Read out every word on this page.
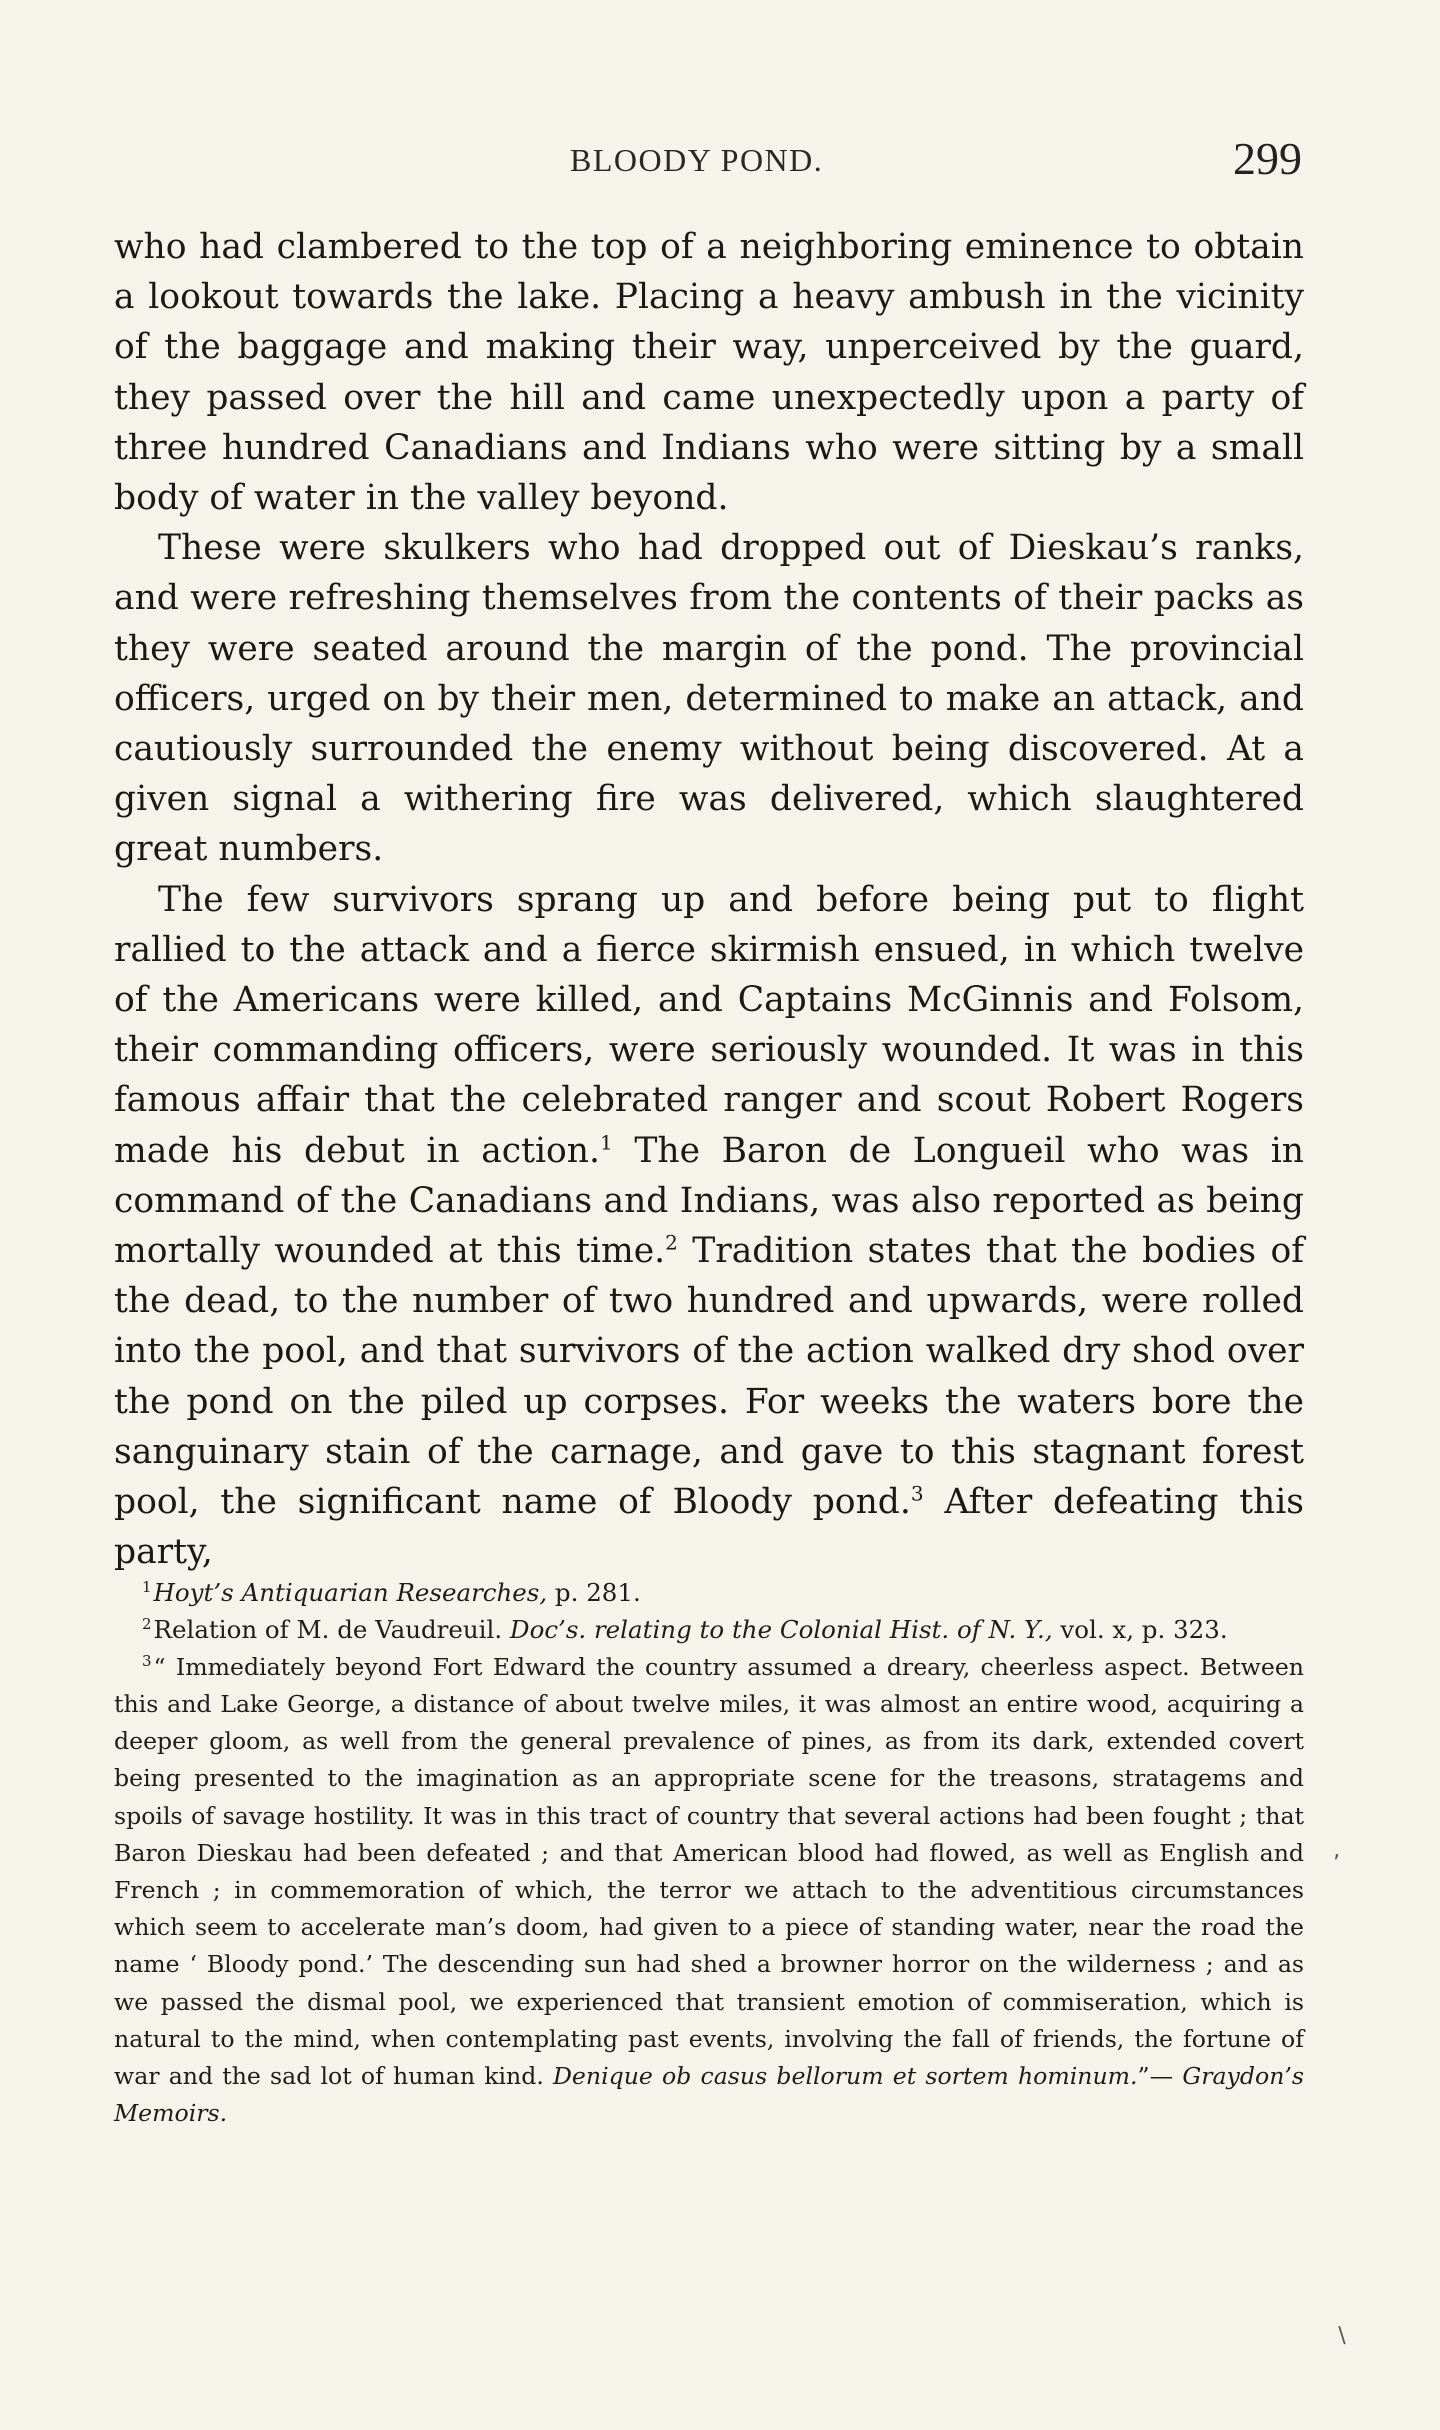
BLOODY POND.	299

who had clambered to the top of a neighboring eminence to obtain a lookout towards the lake. Placing a heavy ambush in the vicinity of the baggage and making their way, unperceived by the guard, they passed over the hill and came unexpectedly upon a party of three hundred Canadians and Indians who were sitting by a small body of water in the valley beyond.

These were skulkers who had dropped out of Dieskau’s ranks, and were refreshing themselves from the contents of their packs as they were seated around the margin of the pond. The provincial officers, urged on by their men, determined to make an attack, and cautiously surrounded the enemy without being discovered. At a given signal a withering fire was delivered, which slaughtered great numbers.

The few survivors sprang up and before being put to flight rallied to the attack and a fierce skirmish ensued, in which twelve of the Americans were killed, and Captains McGinnis and Folsom, their commanding officers, were seriously wounded. It was in this famous affair that the celebrated ranger and scout Robert Rogers made his debut in action.$^1$ The Baron de Longueil who was in command of the Canadians and Indians, was also reported as being mortally wounded at this time.$^2$ Tradition states that the bodies of the dead, to the number of two hundred and upwards, were rolled into the pool, and that survivors of the action walked dry shod over the pond on the piled up corpses. For weeks the waters bore the sanguinary stain of the carnage, and gave to this stagnant forest pool, the significant name of Bloody pond.$^3$ After defeating this party,

$^1$Hoyt’s Antiquarian Researches, p. 281.

$^2$Relation of M. de Vaudreuil. Doc’s. relating to the Colonial Hist. of N. Y., vol. x, p. 323.

$^3$“ Immediately beyond Fort Edward the country assumed a dreary, cheerless aspect. Between this and Lake George, a distance of about twelve miles, it was almost an entire wood, acquiring a deeper gloom, as well from the general prevalence of pines, as from its dark, extended covert being presented to the imagination as an appropriate scene for the treasons, stratagems and spoils of savage hostility. It was in this tract of country that several actions had been fought ; that Baron Dieskau had been defeated ; and that American blood had flowed, as well as English and French ; in commemoration of which, the terror we attach to the adventitious circumstances which seem to accelerate man’s doom, had given to a piece of standing water, near the road the name ‘ Bloody pond.’ The descending sun had shed a browner horror on the wilderness ; and as we passed the dismal pool, we experienced that transient emotion of commiseration, which is natural to the mind, when contemplating past events, involving the fall of friends, the fortune of war and the sad lot of human kind. Denique ob casus bellorum et sortem hominum.”— Graydon’s Memoirs.

‚
∖
